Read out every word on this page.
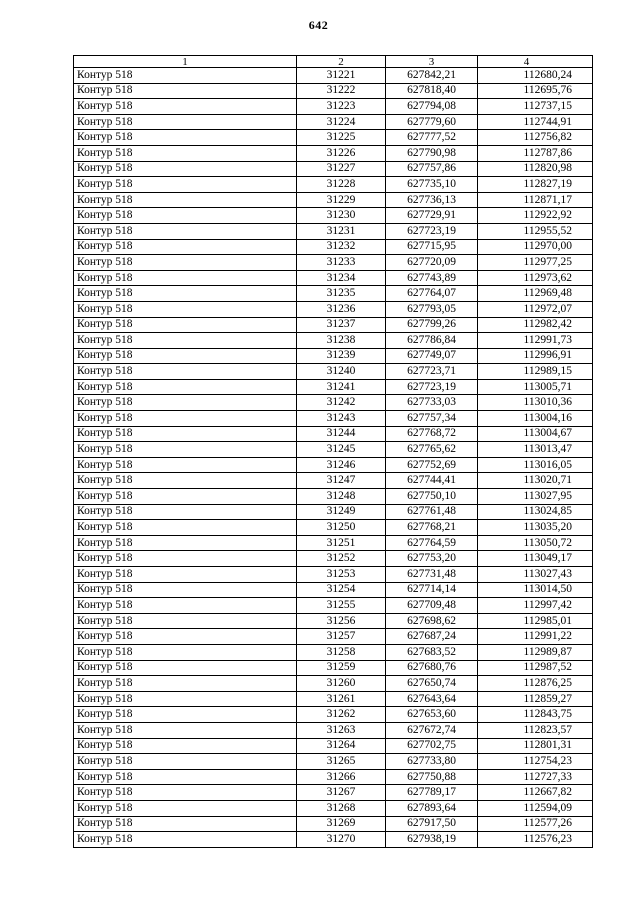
642
1	2	3	4
Контур 518	31221	627842,21	112680,24
Контур 518	31222	627818,40	112695,76
Контур 518	31223	627794,08	112737,15
Контур 518	31224	627779,60	112744,91
Контур 518	31225	627777,52	112756,82
Контур 518	31226	627790,98	112787,86
Контур 518	31227	627757,86	112820,98
Контур 518	31228	627735,10	112827,19
Контур 518	31229	627736,13	112871,17
Контур 518	31230	627729,91	112922,92
Контур 518	31231	627723,19	112955,52
Контур 518	31232	627715,95	112970,00
Контур 518	31233	627720,09	112977,25
Контур 518	31234	627743,89	112973,62
Контур 518	31235	627764,07	112969,48
Контур 518	31236	627793,05	112972,07
Контур 518	31237	627799,26	112982,42
Контур 518	31238	627786,84	112991,73
Контур 518	31239	627749,07	112996,91
Контур 518	31240	627723,71	112989,15
Контур 518	31241	627723,19	113005,71
Контур 518	31242	627733,03	113010,36
Контур 518	31243	627757,34	113004,16
Контур 518	31244	627768,72	113004,67
Контур 518	31245	627765,62	113013,47
Контур 518	31246	627752,69	113016,05
Контур 518	31247	627744,41	113020,71
Контур 518	31248	627750,10	113027,95
Контур 518	31249	627761,48	113024,85
Контур 518	31250	627768,21	113035,20
Контур 518	31251	627764,59	113050,72
Контур 518	31252	627753,20	113049,17
Контур 518	31253	627731,48	113027,43
Контур 518	31254	627714,14	113014,50
Контур 518	31255	627709,48	112997,42
Контур 518	31256	627698,62	112985,01
Контур 518	31257	627687,24	112991,22
Контур 518	31258	627683,52	112989,87
Контур 518	31259	627680,76	112987,52
Контур 518	31260	627650,74	112876,25
Контур 518	31261	627643,64	112859,27
Контур 518	31262	627653,60	112843,75
Контур 518	31263	627672,74	112823,57
Контур 518	31264	627702,75	112801,31
Контур 518	31265	627733,80	112754,23
Контур 518	31266	627750,88	112727,33
Контур 518	31267	627789,17	112667,82
Контур 518	31268	627893,64	112594,09
Контур 518	31269	627917,50	112577,26
Контур 518	31270	627938,19	112576,23
